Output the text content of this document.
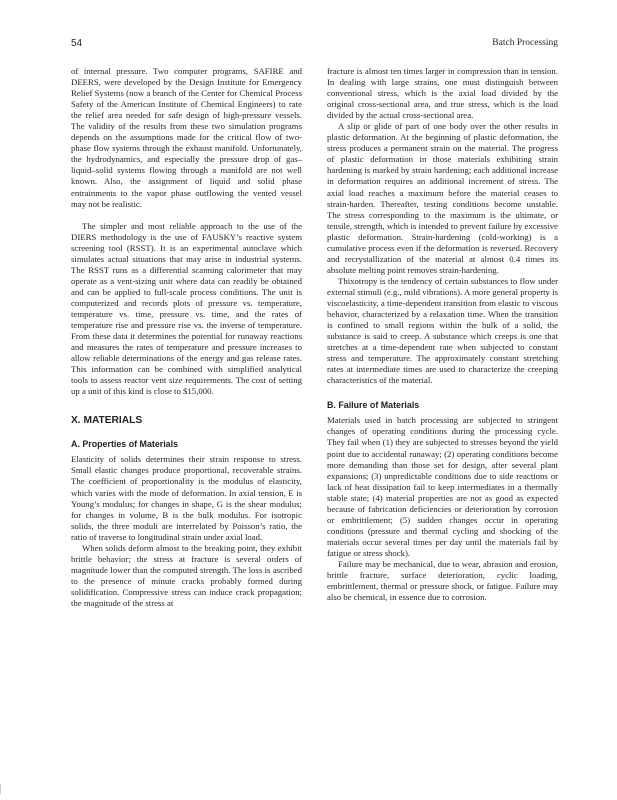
54	Batch Processing

of internal pressure. Two computer programs, SAFIRE and DEERS, were developed by the Design Institute for Emergency Relief Systems (now a branch of the Center for Chemical Process Safety of the American Institute of Chemical Engineers) to rate the relief area needed for safe design of high-pressure vessels. The validity of the results from these two simulation programs depends on the assumptions made for the critical flow of two-phase flow systems through the exhaust manifold. Unfortunately, the hydrodynamics, and especially the pressure drop of gas–liquid–solid systems flowing through a manifold are not well known. Also, the assignment of liquid and solid phase entrainments to the vapor phase outflowing the vented vessel may not be realistic.

The simpler and most reliable approach to the use of the DIERS methodology is the use of FAUSKY’s reactive system screening tool (RSST). It is an experimental autoclave which simulates actual situations that may arise in industrial systems. The RSST runs as a differential scanning calorimeter that may operate as a vent-sizing unit where data can readily be obtained and can be applied to full-scale process conditions. The unit is computerized and records plots of pressure vs. temperature, temperature vs. time, pressure vs. time, and the rates of temperature rise and pressure rise vs. the inverse of temperature. From these data it determines the potential for runaway reactions and measures the rates of temperature and pressure increases to allow reliable determinations of the energy and gas release rates. This information can be combined with simplified analytical tools to assess reactor vent size requirements. The cost of setting up a unit of this kind is close to $15,000.

X. MATERIALS
A. Properties of Materials

Elasticity of solids determines their strain response to stress. Small elastic changes produce proportional, recoverable strains. The coefficient of proportionality is the modulus of elasticity, which varies with the mode of deformation. In axial tension, E is Young’s modulus; for changes in shape, G is the shear modulus; for changes in volume, B is the bulk modulus. For isotropic solids, the three moduli are interrelated by Poisson’s ratio, the ratio of traverse to longitudinal strain under axial load.

When solids deform almost to the breaking point, they exhibit brittle behavior; the stress at fracture is several orders of magnitude lower than the computed strength. The loss is ascribed to the presence of minute cracks probably formed during solidification. Compressive stress can induce crack propagation; the magnitude of the stress at

fracture is almost ten times larger in compression than in tension. In dealing with large strains, one must distinguish between conventional stress, which is the axial load divided by the original cross-sectional area, and true stress, which is the load divided by the actual cross-sectional area.

A slip or glide of part of one body over the other results in plastic deformation. At the beginning of plastic deformation, the stress produces a permanent strain on the material. The progress of plastic deformation in those materials exhibiting strain hardening is marked by strain hardening; each additional increase in deformation requires an additional increment of stress. The axial load reaches a maximum before the material ceases to strain-harden. Thereafter, testing conditions become unstable. The stress corresponding to the maximum is the ultimate, or tensile, strength, which is intended to prevent failure by excessive plastic deformation. Strain-hardening (cold-working) is a cumulative process even if the deformation is reversed. Recovery and recrystallization of the material at almost 0.4 times its absolute melting point removes strain-hardening.

Thixotropy is the tendency of certain substances to flow under external stimuli (e.g., mild vibrations). A more general property is viscoelasticity, a time-dependent transition from elastic to viscous behavior, characterized by a relaxation time. When the transition is confined to small regions within the bulk of a solid, the substance is said to creep. A substance which creeps is one that stretches at a time-dependent rate when subjected to constant stress and temperature. The approximately constant stretching rates at intermediate times are used to characterize the creeping characteristics of the material.

B. Failure of Materials

Materials used in batch processing are subjected to stringent changes of operating conditions during the processing cycle. They fail when (1) they are subjected to stresses beyond the yield point due to accidental runaway; (2) operating conditions become more demanding than those set for design, after several plant expansions; (3) unpredictable conditions due to side reactions or lack of heat dissipation fail to keep intermediates in a thermally stable state; (4) material properties are not as good as expected because of fabrication deficiencies or deterioration by corrosion or embrittlement; (5) sudden changes occur in operating conditions (pressure and thermal cycling and shocking of the materials occur several times per day until the materials fail by fatigue or stress shock).

Failure may be mechanical, due to wear, abrasion and erosion, brittle fracture, surface deterioration, cyclic loading, embrittlement, thermal or pressure shock, or fatigue. Failure may also be chemical, in essence due to corrosion.
